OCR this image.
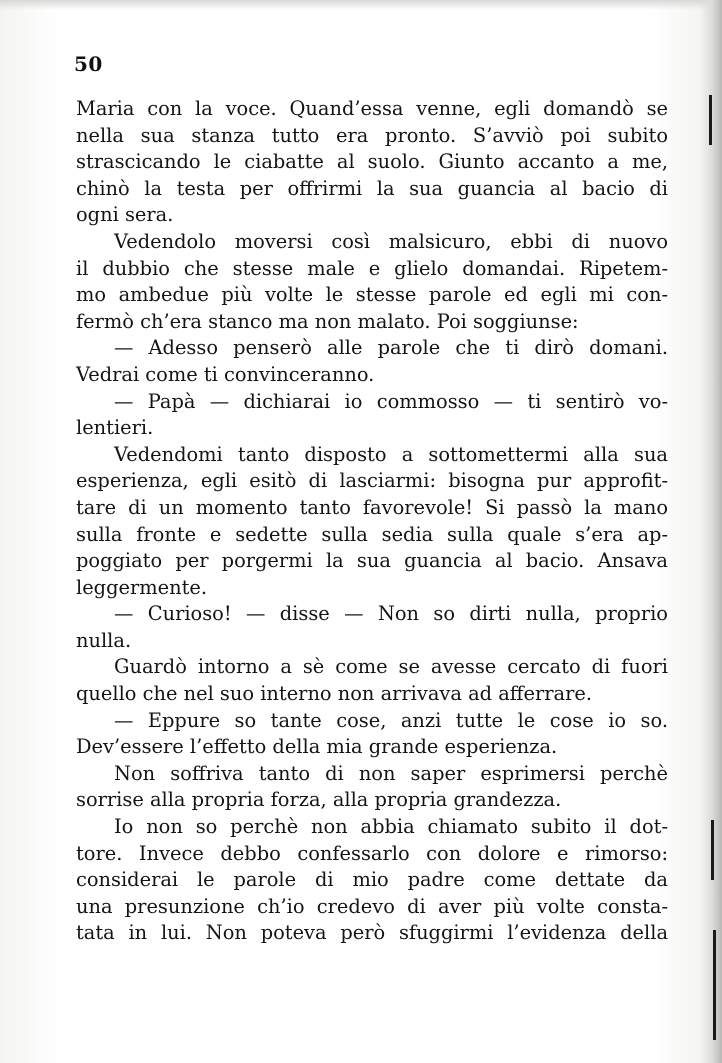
50
Maria con la voce. Quand’essa venne, egli domandò se
nella sua stanza tutto era pronto. S’avviò poi subito
strascicando le ciabatte al suolo. Giunto accanto a me,
chinò la testa per offrirmi la sua guancia al bacio di
ogni sera.
Vedendolo moversi così malsicuro, ebbi di nuovo
il dubbio che stesse male e glielo domandai. Ripetem-
mo ambedue più volte le stesse parole ed egli mi con-
fermò ch’era stanco ma non malato. Poi soggiunse:
— Adesso penserò alle parole che ti dirò domani.
Vedrai come ti convinceranno.
— Papà — dichiarai io commosso — ti sentirò vo-
lentieri.
Vedendomi tanto disposto a sottomettermi alla sua
esperienza, egli esitò di lasciarmi: bisogna pur approfit-
tare di un momento tanto favorevole! Si passò la mano
sulla fronte e sedette sulla sedia sulla quale s’era ap-
poggiato per porgermi la sua guancia al bacio. Ansava
leggermente.
— Curioso! — disse — Non so dirti nulla, proprio
nulla.
Guardò intorno a sè come se avesse cercato di fuori
quello che nel suo interno non arrivava ad afferrare.
— Eppure so tante cose, anzi tutte le cose io so.
Dev’essere l’effetto della mia grande esperienza.
Non soffriva tanto di non saper esprimersi perchè
sorrise alla propria forza, alla propria grandezza.
Io non so perchè non abbia chiamato subito il dot-
tore. Invece debbo confessarlo con dolore e rimorso:
considerai le parole di mio padre come dettate da
una presunzione ch’io credevo di aver più volte consta-
tata in lui. Non poteva però sfuggirmi l’evidenza della
